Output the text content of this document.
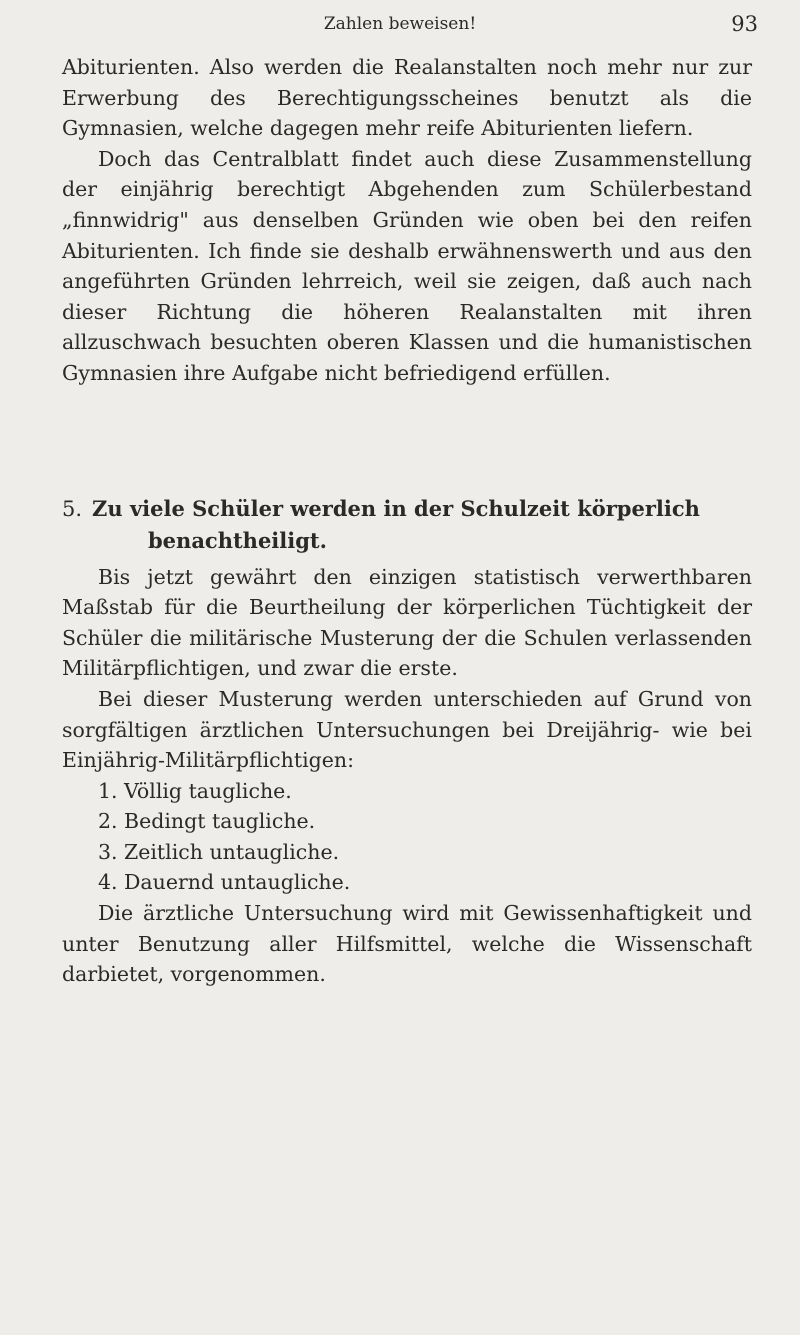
Zahlen beweisen!	93

Abiturienten. Also werden die Realanstalten noch mehr nur zur Erwerbung des Berechtigungsscheines benutzt als die Gymnasien, welche dagegen mehr reife Abiturienten liefern.

Doch das Centralblatt findet auch diese Zusammenstellung der einjährig berechtigt Abgehenden zum Schülerbestand „finnwidrig" aus denselben Gründen wie oben bei den reifen Abiturienten. Ich finde sie deshalb erwähnenswerth und aus den angeführten Gründen lehrreich, weil sie zeigen, daß auch nach dieser Richtung die höheren Realanstalten mit ihren allzuschwach besuchten oberen Klassen und die humanistischen Gymnasien ihre Aufgabe nicht befriedigend erfüllen.

5. Zu viele Schüler werden in der Schulzeit körperlich
benachtheiligt.

Bis jetzt gewährt den einzigen statistisch verwerthbaren Maßstab für die Beurtheilung der körperlichen Tüchtigkeit der Schüler die militärische Musterung der die Schulen verlassenden Militärpflichtigen, und zwar die erste.

Bei dieser Musterung werden unterschieden auf Grund von sorgfältigen ärztlichen Untersuchungen bei Dreijährig- wie bei Einjährig-Militärpflichtigen:

1. Völlig taugliche.
2. Bedingt taugliche.
3. Zeitlich untaugliche.
4. Dauernd untaugliche.

Die ärztliche Untersuchung wird mit Gewissenhaftigkeit und unter Benutzung aller Hilfsmittel, welche die Wissenschaft darbietet, vorgenommen.
